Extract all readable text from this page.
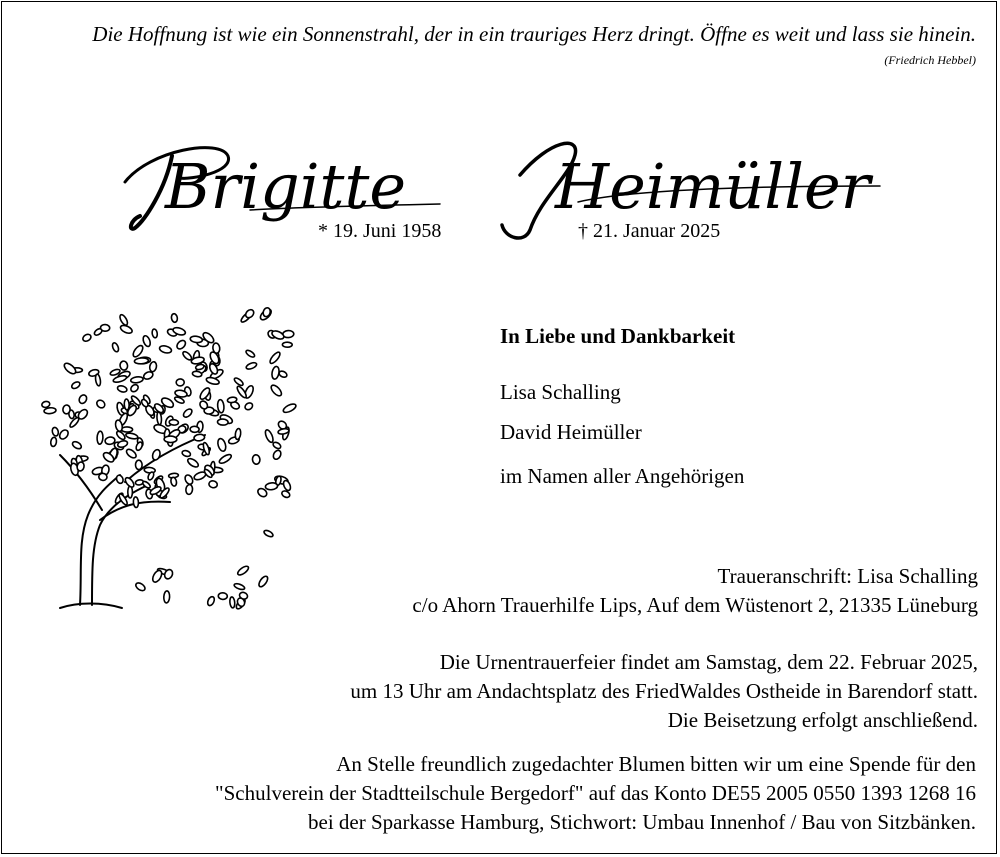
Die Hoffnung ist wie ein Sonnenstrahl, der in ein trauriges Herz dringt. Öffne es weit und lass sie hinein.
(Friedrich Hebbel)
Brigitte Heimüller
* 19. Juni 1958	† 21. Januar 2025
In Liebe und Dankbarkeit
Lisa Schalling
David Heimüller
im Namen aller Angehörigen
Traueranschrift: Lisa Schalling
c/o Ahorn Trauerhilfe Lips, Auf dem Wüstenort 2, 21335 Lüneburg
Die Urnentrauerfeier findet am Samstag, dem 22. Februar 2025,
um 13 Uhr am Andachtsplatz des FriedWaldes Ostheide in Barendorf statt.
Die Beisetzung erfolgt anschließend.
An Stelle freundlich zugedachter Blumen bitten wir um eine Spende für den
"Schulverein der Stadtteilschule Bergedorf" auf das Konto DE55 2005 0550 1393 1268 16
bei der Sparkasse Hamburg, Stichwort: Umbau Innenhof / Bau von Sitzbänken.
